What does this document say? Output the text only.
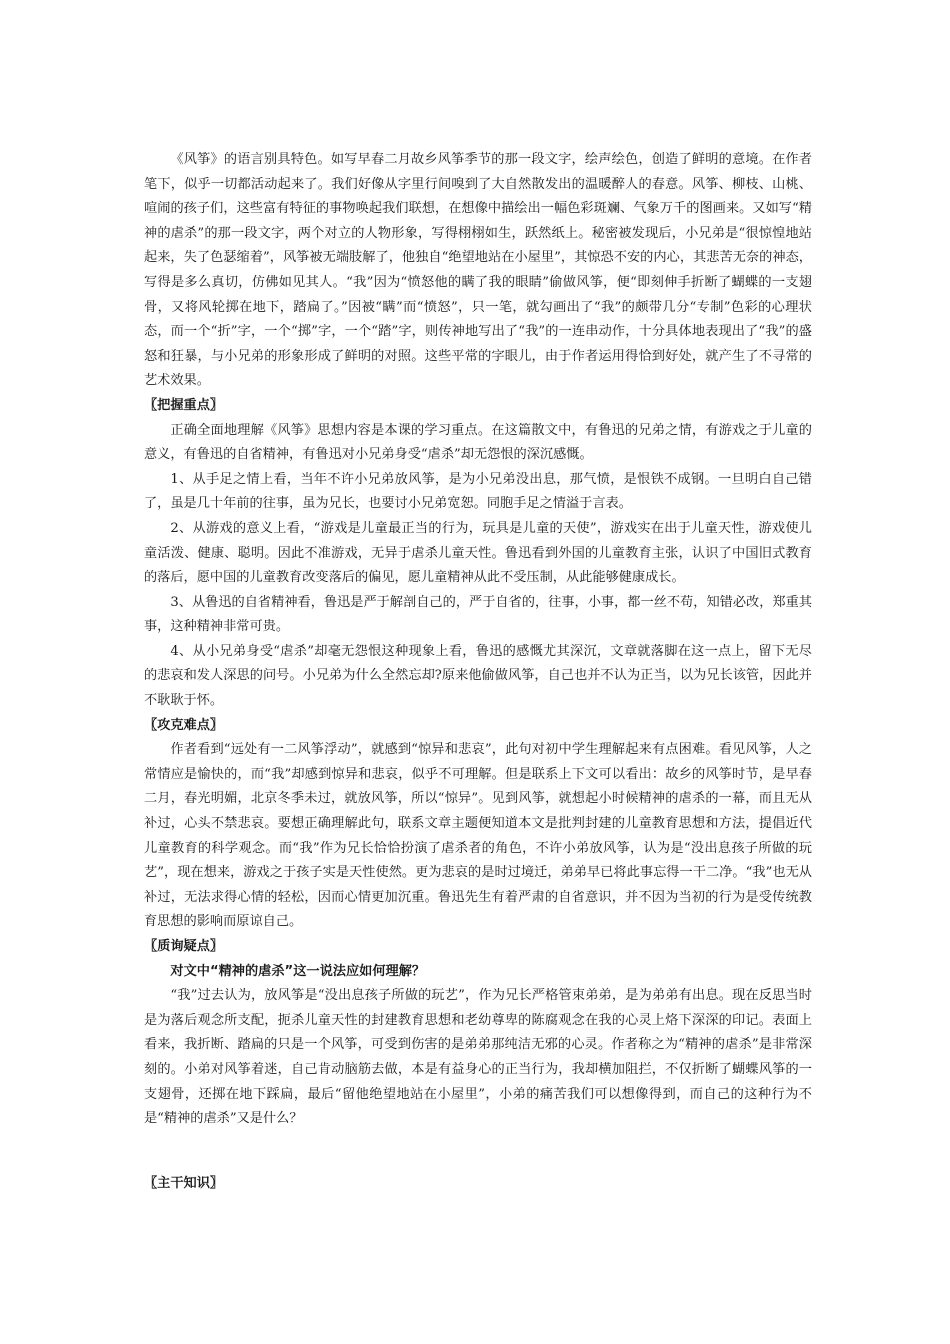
《风筝》的语言别具特色。如写早春二月故乡风筝季节的那一段文字，绘声绘色，创造了鲜明的意境。在作者笔下，似乎一切都活动起来了。我们好像从字里行间嗅到了大自然散发出的温暖醉人的春意。风筝、柳枝、山桃、喧闹的孩子们，这些富有特征的事物唤起我们联想，在想像中描绘出一幅色彩斑斓、气象万千的图画来。又如写“精神的虐杀”的那一段文字，两个对立的人物形象，写得栩栩如生，跃然纸上。秘密被发现后，小兄弟是“很惊惶地站起来，失了色瑟缩着”，风筝被无端肢解了，他独自“绝望地站在小屋里”，其惊恐不安的内心，其悲苦无奈的神态，写得是多么真切，仿佛如见其人。“我”因为“愤怒他的瞒了我的眼睛”偷做风筝，便“即刻伸手折断了蝴蝶的一支翅骨，又将风轮掷在地下，踏扁了。”因被“瞒”而“愤怒”，只一笔，就勾画出了“我”的颇带几分“专制”色彩的心理状态，而一个“折”字，一个“掷”字，一个“踏”字，则传神地写出了“我”的一连串动作，十分具体地表现出了“我”的盛怒和狂暴，与小兄弟的形象形成了鲜明的对照。这些平常的字眼儿，由于作者运用得恰到好处，就产生了不寻常的艺术效果。

〖把握重点〗

正确全面地理解《风筝》思想内容是本课的学习重点。在这篇散文中，有鲁迅的兄弟之情，有游戏之于儿童的意义，有鲁迅的自省精神，有鲁迅对小兄弟身受“虐杀”却无怨恨的深沉感慨。

1、从手足之情上看，当年不许小兄弟放风筝，是为小兄弟没出息，那气愤，是恨铁不成钢。一旦明白自己错了，虽是几十年前的往事，虽为兄长，也要讨小兄弟宽恕。同胞手足之情溢于言表。

2、从游戏的意义上看，“游戏是儿童最正当的行为，玩具是儿童的天使”，游戏实在出于儿童天性，游戏使儿童活泼、健康、聪明。因此不准游戏，无异于虐杀儿童天性。鲁迅看到外国的儿童教育主张，认识了中国旧式教育的落后，愿中国的儿童教育改变落后的偏见，愿儿童精神从此不受压制，从此能够健康成长。

3、从鲁迅的自省精神看，鲁迅是严于解剖自己的，严于自省的，往事，小事，都一丝不苟，知错必改，郑重其事，这种精神非常可贵。

4、从小兄弟身受“虐杀”却毫无怨恨这种现象上看，鲁迅的感慨尤其深沉，文章就落脚在这一点上，留下无尽的悲哀和发人深思的问号。小兄弟为什么全然忘却?原来他偷做风筝，自己也并不认为正当，以为兄长该管，因此并不耿耿于怀。

〖攻克难点〗

作者看到“远处有一二风筝浮动”，就感到“惊异和悲哀”，此句对初中学生理解起来有点困难。看见风筝，人之常情应是愉快的，而“我”却感到惊异和悲哀，似乎不可理解。但是联系上下文可以看出：故乡的风筝时节，是早春二月，春光明媚，北京冬季未过，就放风筝，所以“惊异”。见到风筝，就想起小时候精神的虐杀的一幕，而且无从补过，心头不禁悲哀。要想正确理解此句，联系文章主题便知道本文是批判封建的儿童教育思想和方法，提倡近代儿童教育的科学观念。而“我”作为兄长恰恰扮演了虐杀者的角色，不许小弟放风筝，认为是“没出息孩子所做的玩艺”，现在想来，游戏之于孩子实是天性使然。更为悲哀的是时过境迁，弟弟早已将此事忘得一干二净。“我”也无从补过，无法求得心情的轻松，因而心情更加沉重。鲁迅先生有着严肃的自省意识，并不因为当初的行为是受传统教育思想的影响而原谅自己。

〖质询疑点〗

对文中“精神的虐杀”这一说法应如何理解？

“我”过去认为，放风筝是“没出息孩子所做的玩艺”，作为兄长严格管束弟弟，是为弟弟有出息。现在反思当时是为落后观念所支配，扼杀儿童天性的封建教育思想和老幼尊卑的陈腐观念在我的心灵上烙下深深的印记。表面上看来，我折断、踏扁的只是一个风筝，可受到伤害的是弟弟那纯洁无邪的心灵。作者称之为“精神的虐杀”是非常深刻的。小弟对风筝着迷，自己肯动脑筋去做，本是有益身心的正当行为，我却横加阻拦，不仅折断了蝴蝶风筝的一支翅骨，还掷在地下踩扁，最后“留他绝望地站在小屋里”，小弟的痛苦我们可以想像得到，而自己的这种行为不是“精神的虐杀”又是什么？

〖主干知识〗
